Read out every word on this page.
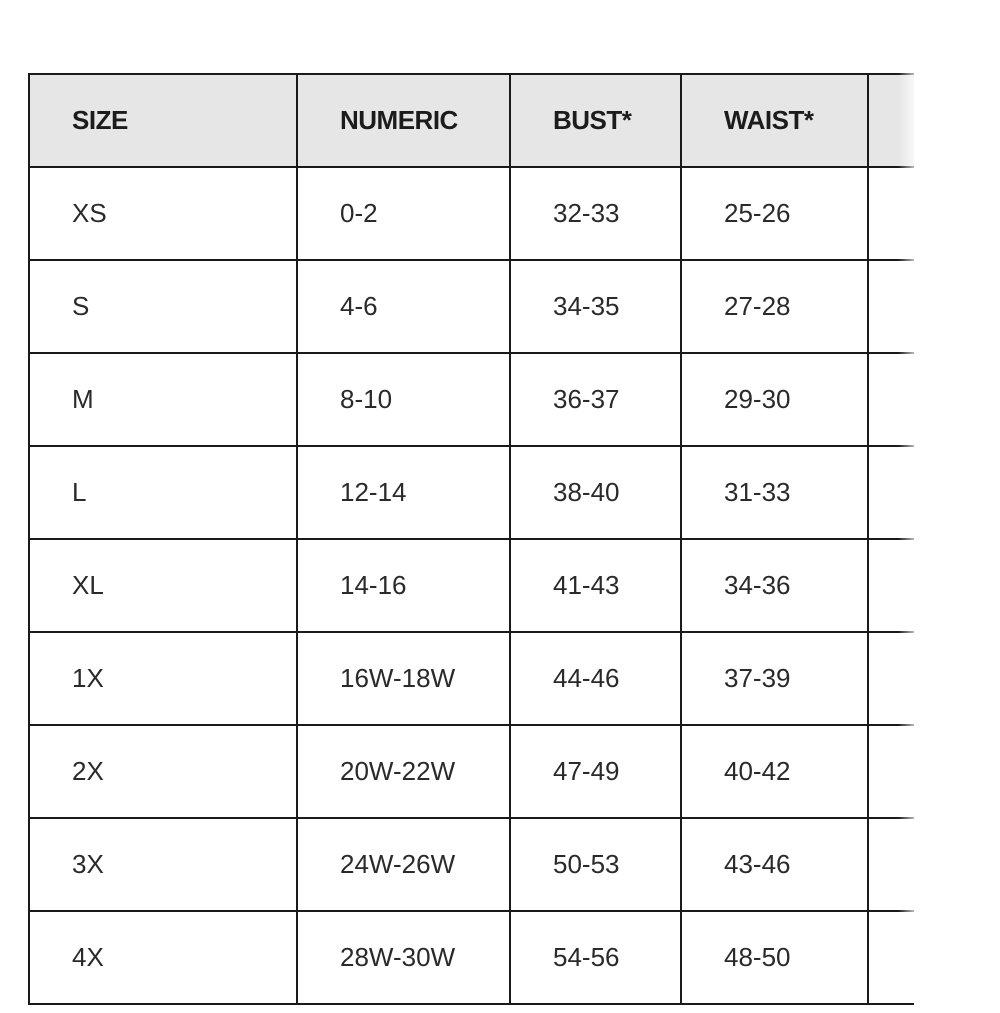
SIZE	NUMERIC	BUST*	WAIST*	
XS	0-2	32-33	25-26	
S	4-6	34-35	27-28	
M	8-10	36-37	29-30	
L	12-14	38-40	31-33	
XL	14-16	41-43	34-36	
1X	16W-18W	44-46	37-39	
2X	20W-22W	47-49	40-42	
3X	24W-26W	50-53	43-46	
4X	28W-30W	54-56	48-50	
